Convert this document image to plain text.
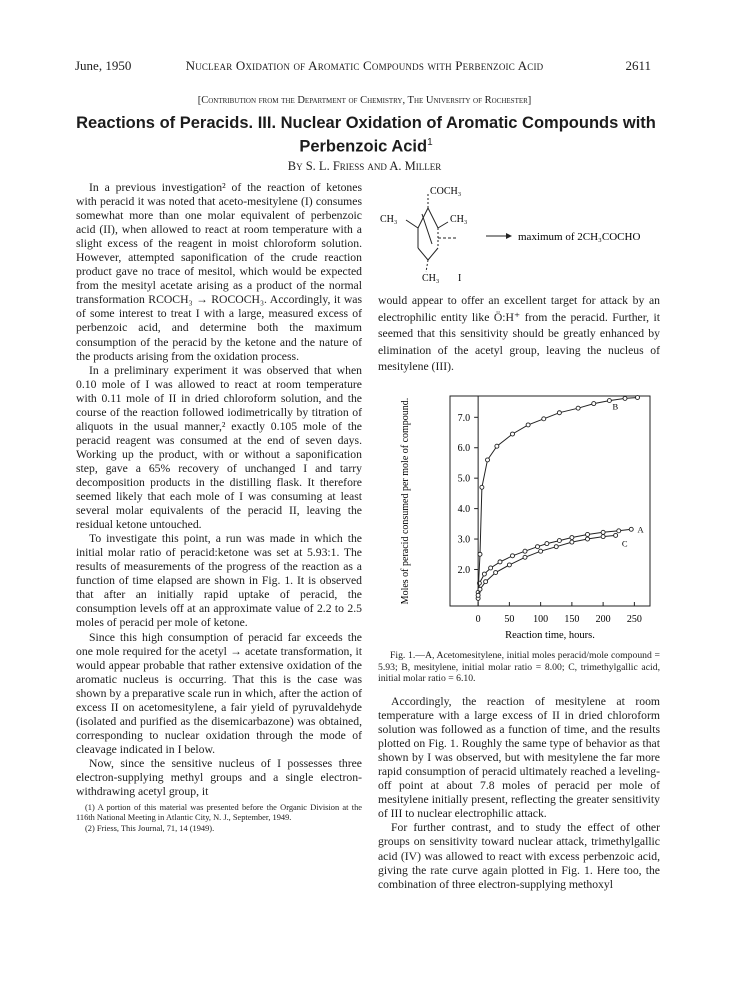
June, 1950	Nuclear Oxidation of Aromatic Compounds with Perbenzoic Acid	2611
[Contribution from the Department of Chemistry, The University of Rochester]
Reactions of Peracids. III. Nuclear Oxidation of Aromatic Compounds with Perbenzoic Acid$^1$
By S. L. Friess and A. Miller

In a previous investigation² of the reaction of ketones with peracid it was noted that aceto-mesitylene (I) consumes somewhat more than one molar equivalent of perbenzoic acid (II), when allowed to react at room temperature with a slight excess of the reagent in moist chloroform solution. However, attempted saponification of the crude reaction product gave no trace of mesitol, which would be expected from the mesityl acetate arising as a product of the normal transformation RCOCH₃ → ROCOCH₃. Accordingly, it was of some interest to treat I with a large, measured excess of perbenzoic acid, and determine both the maximum consumption of the peracid by the ketone and the nature of the products arising from the oxidation process.

In a preliminary experiment it was observed that when 0.10 mole of I was allowed to react at room temperature with 0.11 mole of II in dried chloroform solution, and the course of the reaction followed iodimetrically by titration of aliquots in the usual manner,² exactly 0.105 mole of the peracid reagent was consumed at the end of seven days. Working up the product, with or without a saponification step, gave a 65% recovery of unchanged I and tarry decomposition products in the distilling flask. It therefore seemed likely that each mole of I was consuming at least several molar equivalents of the peracid II, leaving the residual ketone untouched.

To investigate this point, a run was made in which the initial molar ratio of peracid:ketone was set at 5.93:1. The results of measurements of the progress of the reaction as a function of time elapsed are shown in Fig. 1. It is observed that after an initially rapid uptake of peracid, the consumption levels off at an approximate value of 2.2 to 2.5 moles of peracid per mole of ketone.

Since this high consumption of peracid far exceeds the one mole required for the acetyl → acetate transformation, it would appear probable that rather extensive oxidation of the aromatic nucleus is occurring. That this is the case was shown by a preparative scale run in which, after the action of excess II on acetomesitylene, a fair yield of pyruvaldehyde (isolated and purified as the disemicarbazone) was obtained, corresponding to nuclear oxidation through the mode of cleavage indicated in I below.

Now, since the sensitive nucleus of I possesses three electron-supplying methyl groups and a single electron-withdrawing acetyl group, it

(1) A portion of this material was presented before the Organic Division at the 116th National Meeting in Atlantic City, N. J., September, 1949.

(2) Friess, This Journal, 71, 14 (1949).

COCH₃
CH₃	CH₃
CH₃ I
maximum of 2CH₃COCHO

would appear to offer an excellent target for attack by an electrophilic entity like Ö:H⁺ from the peracid. Further, it seemed that this sensitivity should be greatly enhanced by elimination of the acetyl group, leaving the nucleus of mesitylene (III).

2.0
3.0
4.0
5.0
6.0
7.0
0 50 100 150 200 250
A
B
C
Reaction time, hours.
Moles of peracid consumed per mole of compound.

Fig. 1.—A, Acetomesitylene, initial moles peracid/mole compound = 5.93; B, mesitylene, initial molar ratio = 8.00; C, trimethylgallic acid, initial molar ratio = 6.10.

Accordingly, the reaction of mesitylene at room temperature with a large excess of II in dried chloroform solution was followed as a function of time, and the results plotted on Fig. 1. Roughly the same type of behavior as that shown by I was observed, but with mesitylene the far more rapid consumption of peracid ultimately reached a leveling-off point at about 7.8 moles of peracid per mole of mesitylene initially present, reflecting the greater sensitivity of III to nuclear electrophilic attack.

For further contrast, and to study the effect of other groups on sensitivity toward nuclear attack, trimethylgallic acid (IV) was allowed to react with excess perbenzoic acid, giving the rate curve again plotted in Fig. 1. Here too, the combination of three electron-supplying methoxyl
